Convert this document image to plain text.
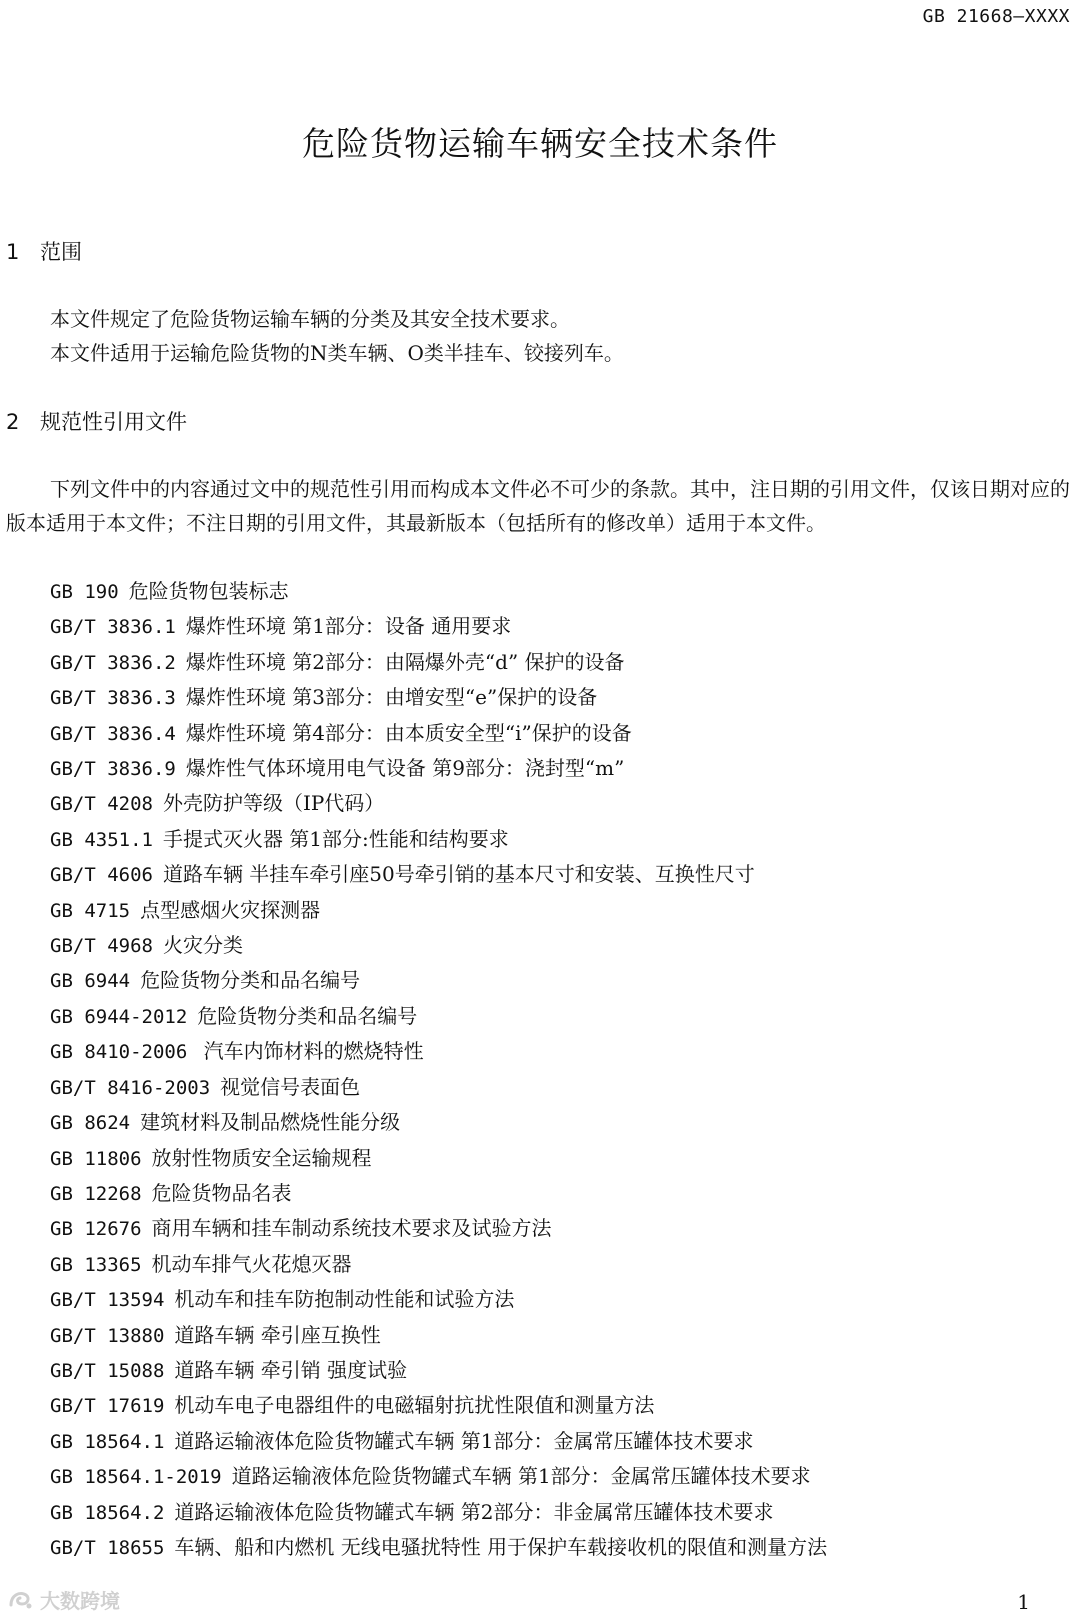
GB 21668—XXXX
危险货物运输车辆安全技术条件
1 范围

本文件规定了危险货物运输车辆的分类及其安全技术要求。

本文件适用于运输危险货物的N类车辆、O类半挂车、铰接列车。

2 规范性引用文件

下列文件中的内容通过文中的规范性引用而构成本文件必不可少的条款。其中，注日期的引用文件，仅该日期对应的版本适用于本文件；不注日期的引用文件，其最新版本（包括所有的修改单）适用于本文件。

GB 190 危险货物包装标志
GB/T 3836.1 爆炸性环境 第1部分：设备 通用要求
GB/T 3836.2 爆炸性环境 第2部分：由隔爆外壳“d” 保护的设备
GB/T 3836.3 爆炸性环境 第3部分：由增安型“e”保护的设备
GB/T 3836.4 爆炸性环境 第4部分：由本质安全型“i”保护的设备
GB/T 3836.9 爆炸性气体环境用电气设备 第9部分：浇封型“m”
GB/T 4208 外壳防护等级（IP代码）
GB 4351.1 手提式灭火器 第1部分:性能和结构要求
GB/T 4606 道路车辆 半挂车牵引座50号牵引销的基本尺寸和安装、互换性尺寸
GB 4715 点型感烟火灾探测器
GB/T 4968 火灾分类
GB 6944 危险货物分类和品名编号
GB 6944-2012 危险货物分类和品名编号
GB 8410-2006 汽车内饰材料的燃烧特性
GB/T 8416-2003 视觉信号表面色
GB 8624 建筑材料及制品燃烧性能分级
GB 11806 放射性物质安全运输规程
GB 12268 危险货物品名表
GB 12676 商用车辆和挂车制动系统技术要求及试验方法
GB 13365 机动车排气火花熄灭器
GB/T 13594 机动车和挂车防抱制动性能和试验方法
GB/T 13880 道路车辆 牵引座互换性
GB/T 15088 道路车辆 牵引销 强度试验
GB/T 17619 机动车电子电器组件的电磁辐射抗扰性限值和测量方法
GB 18564.1 道路运输液体危险货物罐式车辆 第1部分：金属常压罐体技术要求
GB 18564.1-2019 道路运输液体危险货物罐式车辆 第1部分：金属常压罐体技术要求
GB 18564.2 道路运输液体危险货物罐式车辆 第2部分：非金属常压罐体技术要求
GB/T 18655 车辆、船和内燃机 无线电骚扰特性 用于保护车载接收机的限值和测量方法
大数跨境	1
